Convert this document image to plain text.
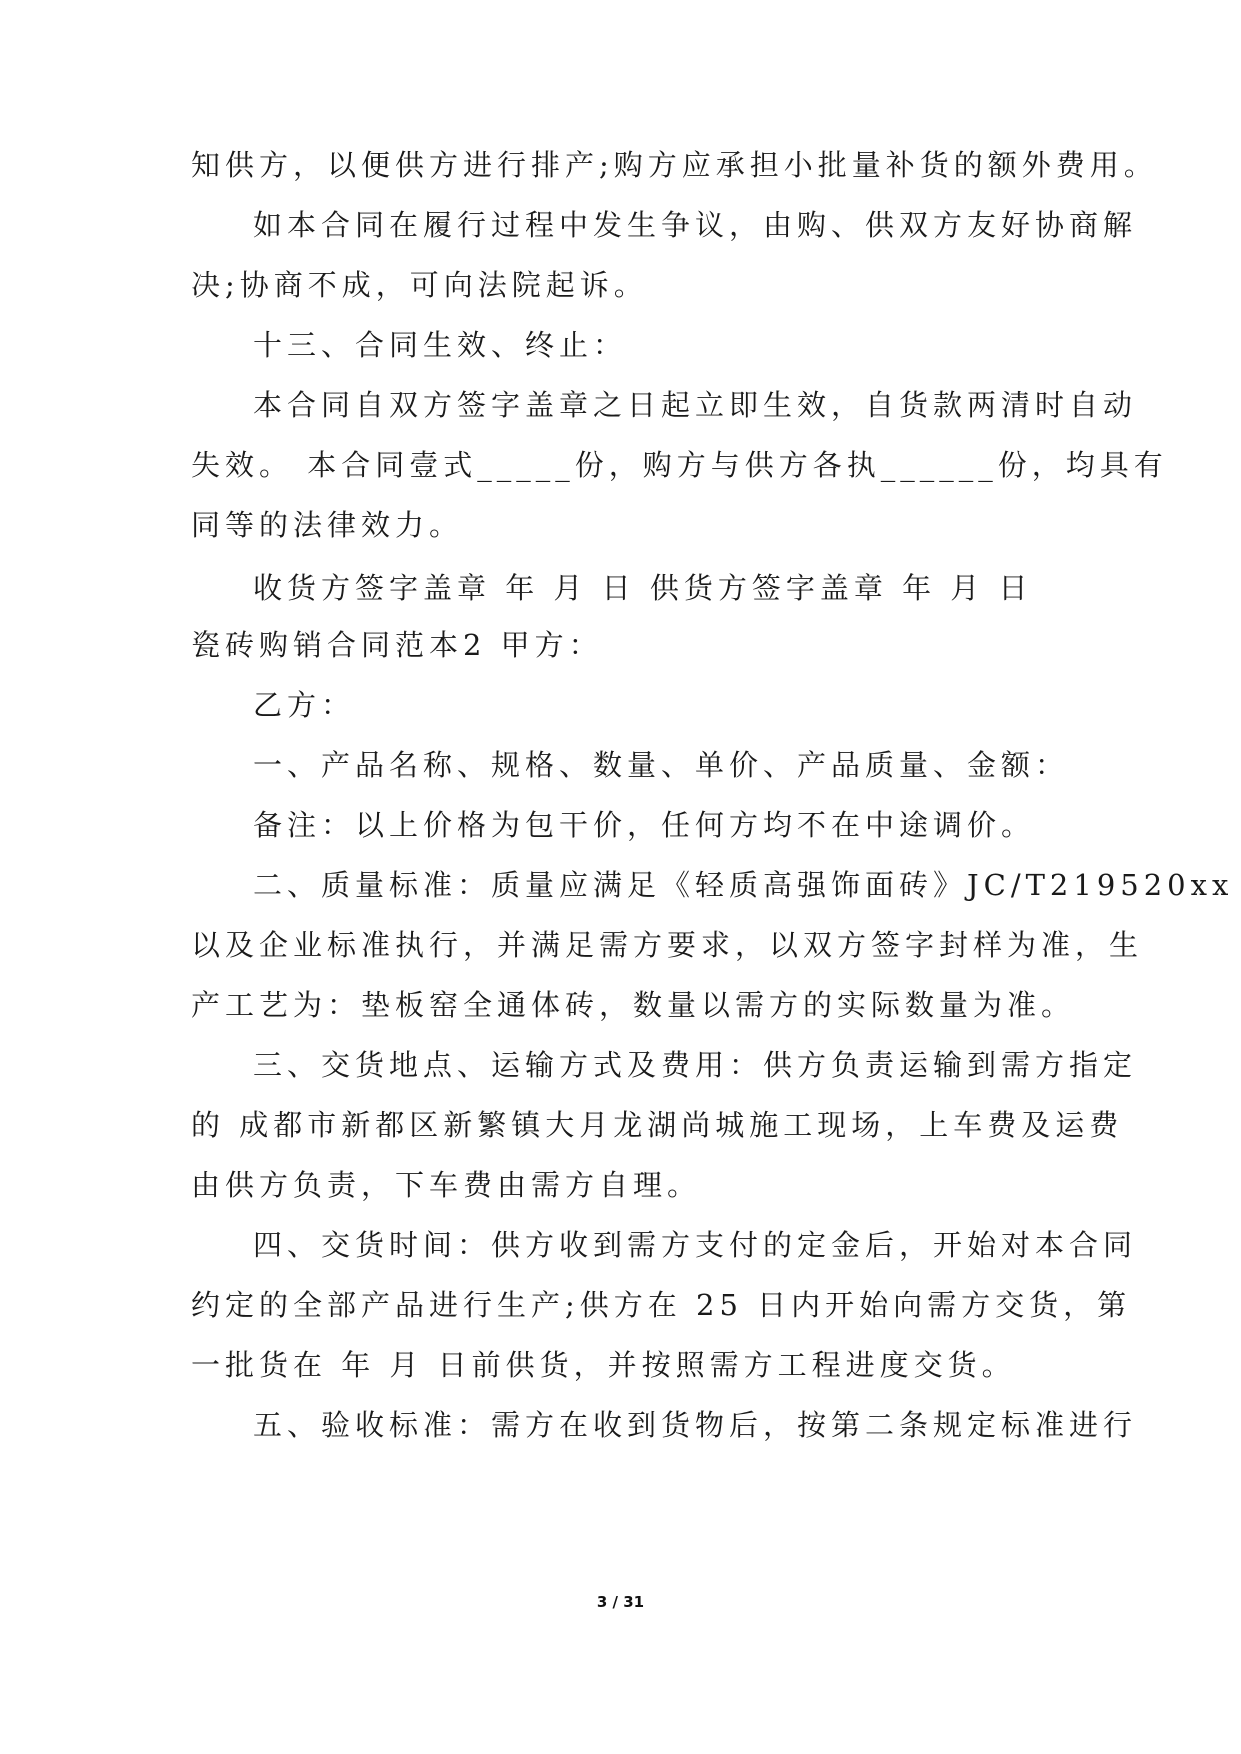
知供方，以便供方进行排产;购方应承担小批量补货的额外费用。
如本合同在履行过程中发生争议，由购、供双方友好协商解
决;协商不成，可向法院起诉。
十三、合同生效、终止：
本合同自双方签字盖章之日起立即生效，自货款两清时自动
失效。 本合同壹式_____份，购方与供方各执______份，均具有
同等的法律效力。
收货方签字盖章 年 月 日 供货方签字盖章 年 月 日
瓷砖购销合同范本2 甲方：
乙方：
一、产品名称、规格、数量、单价、产品质量、金额：
备注：以上价格为包干价，任何方均不在中途调价。
二、质量标准：质量应满足《轻质高强饰面砖》JC/T219520xx
以及企业标准执行，并满足需方要求，以双方签字封样为准，生
产工艺为：垫板窑全通体砖，数量以需方的实际数量为准。
三、交货地点、运输方式及费用：供方负责运输到需方指定
的 成都市新都区新繁镇大月龙湖尚城施工现场，上车费及运费
由供方负责，下车费由需方自理。
四、交货时间：供方收到需方支付的定金后，开始对本合同
约定的全部产品进行生产;供方在 25 日内开始向需方交货，第
一批货在 年 月 日前供货，并按照需方工程进度交货。
五、验收标准：需方在收到货物后，按第二条规定标准进行
3 / 31
